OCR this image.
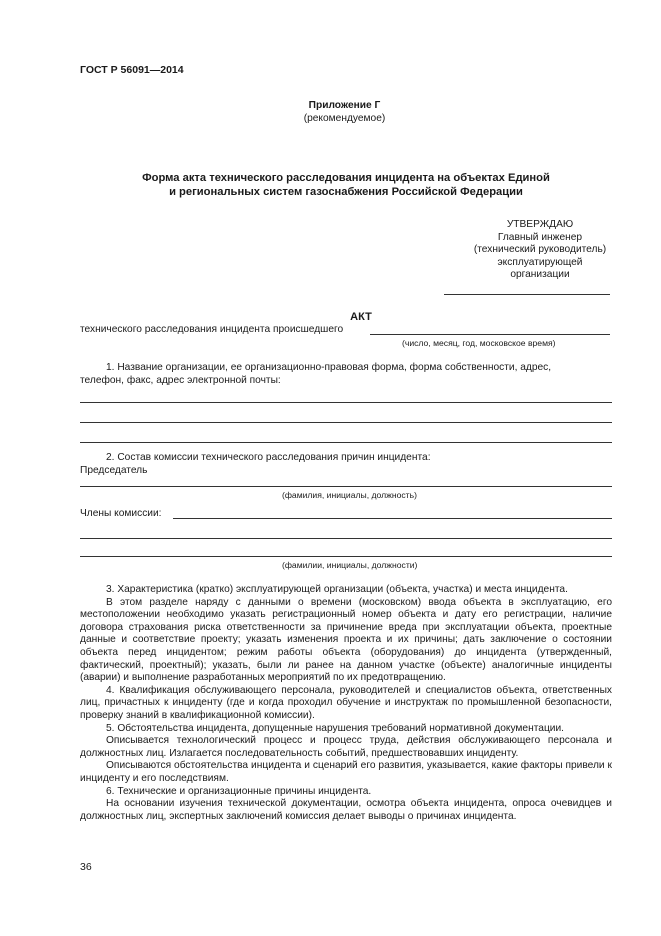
ГОСТ Р 56091—2014
Приложение Г
(рекомендуемое)
Форма акта технического расследования инцидента на объектах Единой
и региональных систем газоснабжения Российской Федерации
УТВЕРЖДАЮ
Главный инженер
(технический руководитель)
эксплуатирующей организации
АКТ
технического расследования инцидента происшедшего
(число, месяц, год, московское время)
1. Название организации, ее организационно-правовая форма, форма собственности, адрес,
телефон, факс, адрес электронной почты:
2. Состав комиссии технического расследования причин инцидента:
Председатель
(фамилия, инициалы, должность)
Члены комиссии:
(фамилии, инициалы, должности)
3. Характеристика (кратко) эксплуатирующей организации (объекта, участка) и места инцидента.
В этом разделе наряду с данными о времени (московском) ввода объекта в эксплуатацию, его местоположении необходимо указать регистрационный номер объекта и дату его регистрации, наличие договора страхования риска ответственности за причинение вреда при эксплуатации объекта, проектные данные и соответствие проекту; указать изменения проекта и их причины; дать заключение о состоянии объекта перед инцидентом; режим работы объекта (оборудования) до инцидента (утвержденный, фактический, проектный); указать, были ли ранее на данном участке (объекте) аналогичные инциденты (аварии) и выполнение разработанных мероприятий по их предотвращению.
4. Квалификация обслуживающего персонала, руководителей и специалистов объекта, ответственных лиц, причастных к инциденту (где и когда проходил обучение и инструктаж по промышленной безопасности, проверку знаний в квалификационной комиссии).
5. Обстоятельства инцидента, допущенные нарушения требований нормативной документации.
Описывается технологический процесс и процесс труда, действия обслуживающего персонала и должностных лиц. Излагается последовательность событий, предшествовавших инциденту.
Описываются обстоятельства инцидента и сценарий его развития, указывается, какие факторы привели к инциденту и его последствиям.
6. Технические и организационные причины инцидента.
На основании изучения технической документации, осмотра объекта инцидента, опроса очевидцев и должностных лиц, экспертных заключений комиссия делает выводы о причинах инцидента.
36
